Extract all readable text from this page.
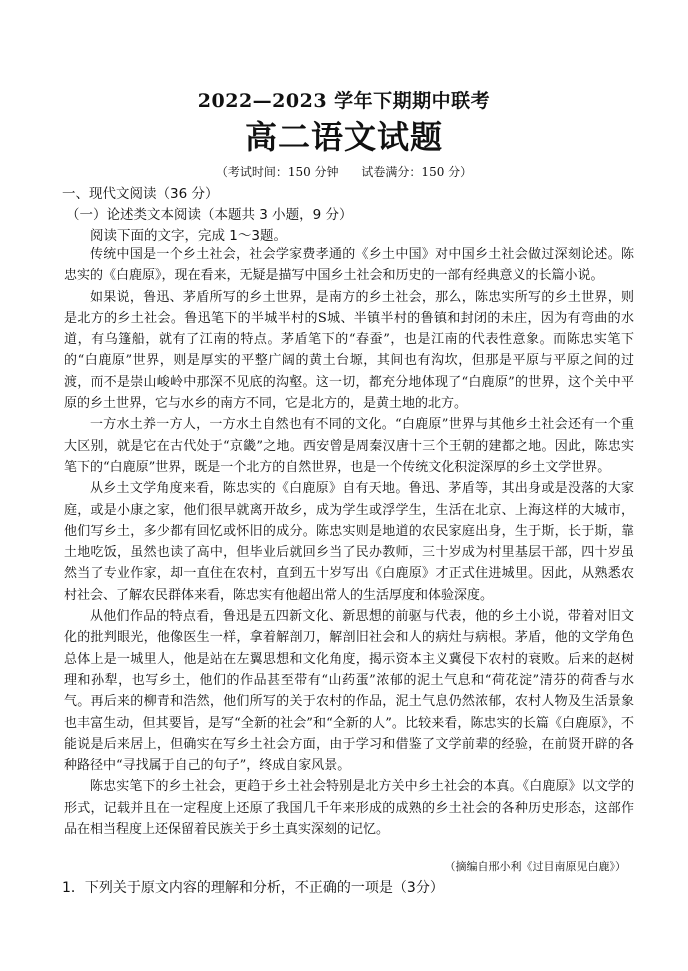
2022—2023 学年下期期中联考
高二语文试题
（考试时间：150 分钟      试卷满分：150 分）
一、现代文阅读（36 分）
（一）论述类文本阅读（本题共 3 小题，9 分）
阅读下面的文字，完成 1～3题。

传统中国是一个乡土社会，社会学家费孝通的《乡土中国》对中国乡土社会做过深刻论述。陈忠实的《白鹿原》，现在看来，无疑是描写中国乡土社会和历史的一部有经典意义的长篇小说。

如果说，鲁迅、茅盾所写的乡土世界，是南方的乡土社会，那么，陈忠实所写的乡土世界，则是北方的乡土社会。鲁迅笔下的半城半村的S城、半镇半村的鲁镇和封闭的未庄，因为有弯曲的水道，有乌篷船，就有了江南的特点。茅盾笔下的“春蚕”，也是江南的代表性意象。而陈忠实笔下的“白鹿原”世界，则是厚实的平整广阔的黄土台塬，其间也有沟坎，但那是平原与平原之间的过渡，而不是崇山峻岭中那深不见底的沟壑。这一切，都充分地体现了“白鹿原”的世界，这个关中平原的乡土世界，它与水乡的南方不同，它是北方的，是黄土地的北方。

一方水土养一方人，一方水土自然也有不同的文化。“白鹿原”世界与其他乡土社会还有一个重大区别，就是它在古代处于“京畿”之地。西安曾是周秦汉唐十三个王朝的建都之地。因此，陈忠实笔下的“白鹿原”世界，既是一个北方的自然世界，也是一个传统文化积淀深厚的乡土文学世界。

从乡土文学角度来看，陈忠实的《白鹿原》自有天地。鲁迅、茅盾等，其出身或是没落的大家庭，或是小康之家，他们很早就离开故乡，成为学生或浮学生，生活在北京、上海这样的大城市，他们写乡土，多少都有回忆或怀旧的成分。陈忠实则是地道的农民家庭出身，生于斯，长于斯，靠土地吃饭，虽然也读了高中，但毕业后就回乡当了民办教师，三十岁成为村里基层干部，四十岁虽然当了专业作家，却一直住在农村，直到五十岁写出《白鹿原》才正式住进城里。因此，从熟悉农村社会、了解农民群体来看，陈忠实有他超出常人的生活厚度和体验深度。

从他们作品的特点看，鲁迅是五四新文化、新思想的前驱与代表，他的乡土小说，带着对旧文化的批判眼光，他像医生一样，拿着解剖刀，解剖旧社会和人的病灶与病根。茅盾，他的文学角色总体上是一城里人，他是站在左翼思想和文化角度，揭示资本主义冀侵下农村的衰败。后来的赵树理和孙犁，也写乡土，他们的作品甚至带有“山药蛋”浓郁的泥土气息和“荷花淀”清芬的荷香与水气。再后来的柳青和浩然，他们所写的关于农村的作品，泥土气息仍然浓郁，农村人物及生活景象也丰富生动，但其要旨，是写“全新的社会”和“全新的人”。比较来看，陈忠实的长篇《白鹿原》，不能说是后来居上，但确实在写乡土社会方面，由于学习和借鉴了文学前辈的经验，在前贤开辟的各种路径中“寻找属于自己的句子”，终成自家风景。

陈忠实笔下的乡土社会，更趋于乡土社会特别是北方关中乡土社会的本真。《白鹿原》以文学的形式，记载并且在一定程度上还原了我国几千年来形成的成熟的乡土社会的各种历史形态，这部作品在相当程度上还保留着民族关于乡土真实深刻的记忆。

（摘编自邢小利《过目南原见白鹿》）
1．下列关于原文内容的理解和分析，不正确的一项是（3分）
